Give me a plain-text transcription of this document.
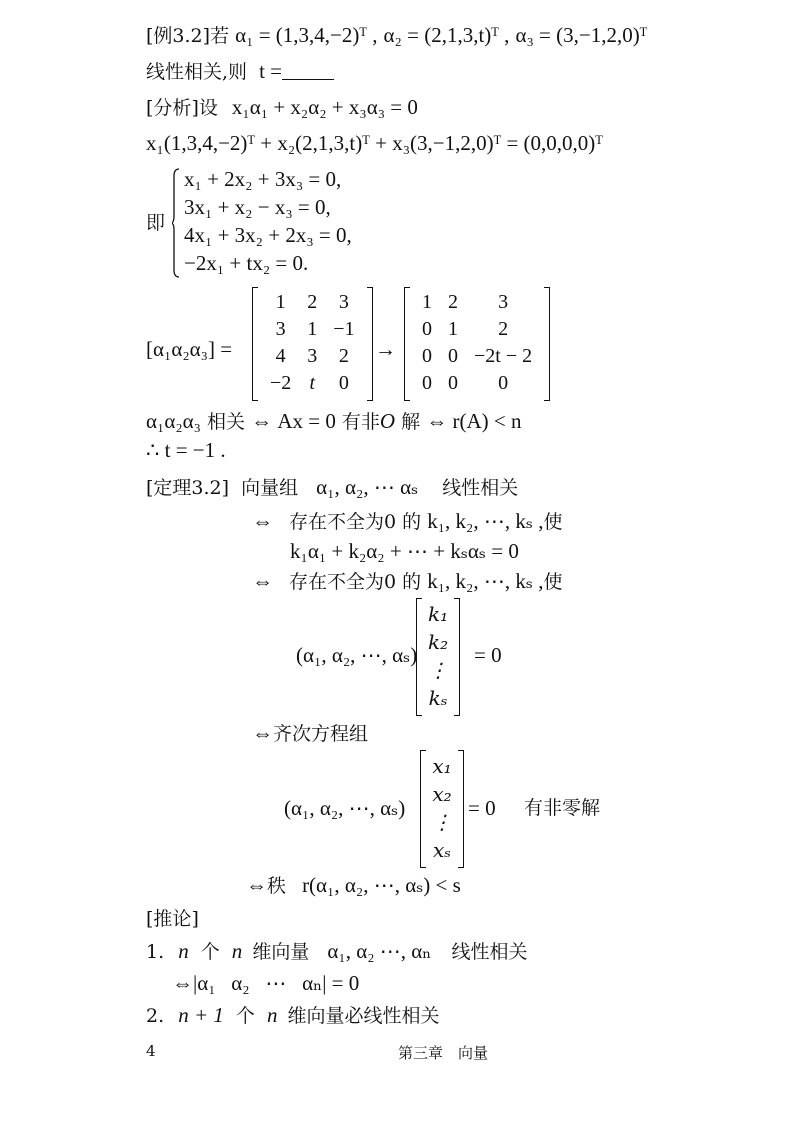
[例3.2]若 α₁ = (1,3,4,−2)ᵀ , α₂ = (2,1,3,t)ᵀ , α₃ = (3,−1,2,0)ᵀ
线性相关,则 t =
[分析]设 x₁α₁ + x₂α₂ + x₃α₃ = 0
x₁(1,3,4,−2)ᵀ + x₂(2,1,3,t)ᵀ + x₃(3,−1,2,0)ᵀ = (0,0,0,0)ᵀ
即
x₁ + 2x₂ + 3x₃ = 0,
3x₁ + x₂ − x₃ = 0,
4x₁ + 3x₂ + 2x₃ = 0,
−2x₁ + tx₂ = 0.
[α₁α₂α₃] =
1	2	3
3	1	−1
4	3	2
−2	t	0
→
1	2	3
0	1	2
0	0	−2t − 2
0	0	0
α₁α₂α₃ 相关 ⇔ Ax = 0 有非O 解 ⇔ r(A) < n
∴ t = −1 .
[定理3.2] 向量组 α₁, α₂, ⋯ αₛ 线性相关
⇔ 存在不全为0 的 k₁, k₂, ⋯, kₛ ,使
k₁α₁ + k₂α₂ + ⋯ + kₛαₛ = 0
⇔ 存在不全为0 的 k₁, k₂, ⋯, kₛ ,使
(α₁, α₂, ⋯, αₛ)
k₁
k₂
⋮
kₛ
= 0
⇔齐次方程组
(α₁, α₂, ⋯, αₛ)
x₁
x₂
⋮
xₛ
= 0 有非零解
⇔秩 r(α₁, α₂, ⋯, αₛ) < s
[推论]
1. n 个 n 维向量 α₁, α₂ ⋯, αₙ 线性相关
⇔|α₁   α₂   ⋯   αₙ| = 0
2. n + 1 个 n 维向量必线性相关
4	第三章　向量
